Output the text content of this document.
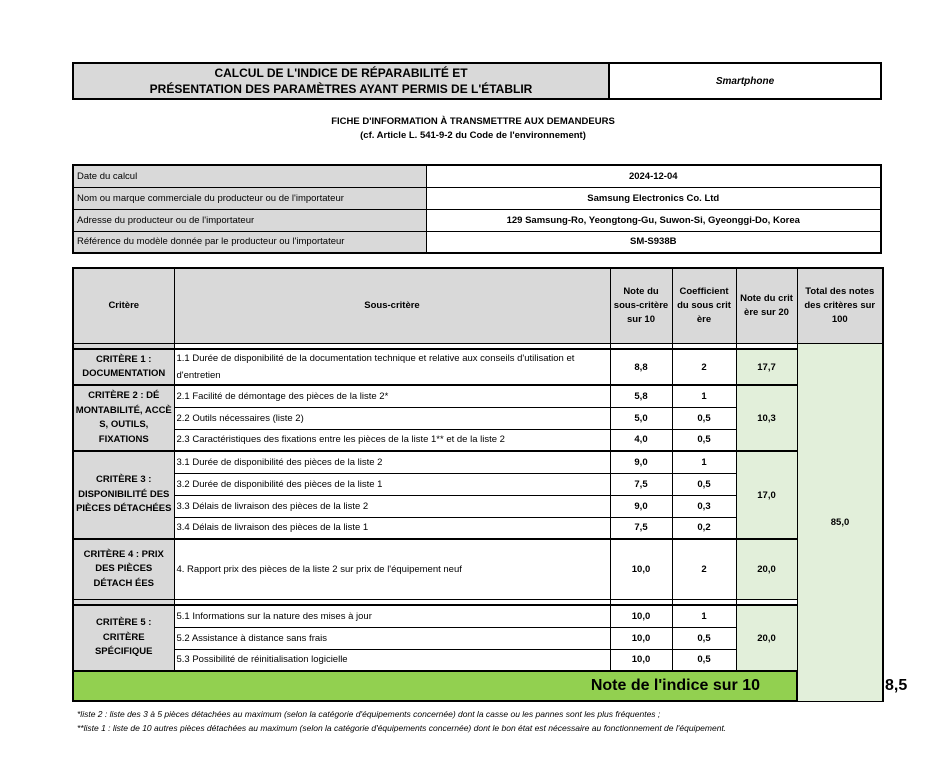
CALCUL DE L'INDICE DE RÉPARABILITÉ ET
PRÉSENTATION DES PARAMÈTRES AYANT PERMIS DE L'ÉTABLIR
	Smartphone
FICHE D'INFORMATION À TRANSMETTRE AUX DEMANDEURS
(cf. Article L. 541-9-2 du Code de l'environnement)
Date du calcul	2024-12-04
Nom ou marque commerciale du producteur ou de l'importateur	Samsung Electronics Co. Ltd
Adresse du producteur ou de l'importateur	129 Samsung-Ro, Yeongtong-Gu, Suwon-Si, Gyeonggi-Do, Korea
Référence du modèle donnée par le producteur ou l'importateur	SM-S938B
Critère	Sous-critère	Note du sous-critère sur 10	Coefficient du sous crit ère	Note du crit ère sur 20	Total des notes des critères sur 100	
					85,0	
CRITÈRE 1 : DOCUMENTATION	1.1 Durée de disponibilité de la documentation technique et relative aux conseils d'utilisation et d'entretien	8,8	2	17,7		
CRITÈRE 2 : DÉ MONTABILITÉ, ACCÈ S, OUTILS, FIXATIONS	2.1 Facilité de démontage des pièces de la liste 2*	5,8	1	10,3		
	2.2 Outils nécessaires (liste 2)	5,0	0,5			
	2.3 Caractéristiques des fixations entre les pièces de la liste 1** et de la liste 2	4,0	0,5			
CRITÈRE 3 : DISPONIBILITÉ DES PIÈCES DÉTACHÉES	3.1 Durée de disponibilité des pièces de la liste 2	9,0	1	17,0		
	3.2 Durée de disponibilité des pièces de la liste 1	7,5	0,5			
	3.3 Délais de livraison des pièces de la liste 2	9,0	0,3			
	3.4 Délais de livraison des pièces de la liste 1	7,5	0,2			
CRITÈRE 4 : PRIX DES PIÈCES DÉTACH ÉES	4. Rapport prix des pièces de la liste 2 sur prix de l'équipement neuf	10,0	2	20,0		

CRITÈRE 5 : CRITÈRE SPÉCIFIQUE	5.1 Informations sur la nature des mises à jour	10,0	1	20,0		
	5.2 Assistance à distance sans frais	10,0	0,5			
	5.3 Possibilité de réinitialisation logicielle	10,0	0,5			
Note de l'indice sur 10						8,5
*liste 2 : liste des 3 à 5 pièces détachées au maximum (selon la catégorie d'équipements concernée) dont la casse ou les pannes sont les plus fréquentes ;
**liste 1 : liste de 10 autres pièces détachées au maximum (selon la catégorie d'équipements concernée) dont le bon état est nécessaire au fonctionnement de l'équipement.
